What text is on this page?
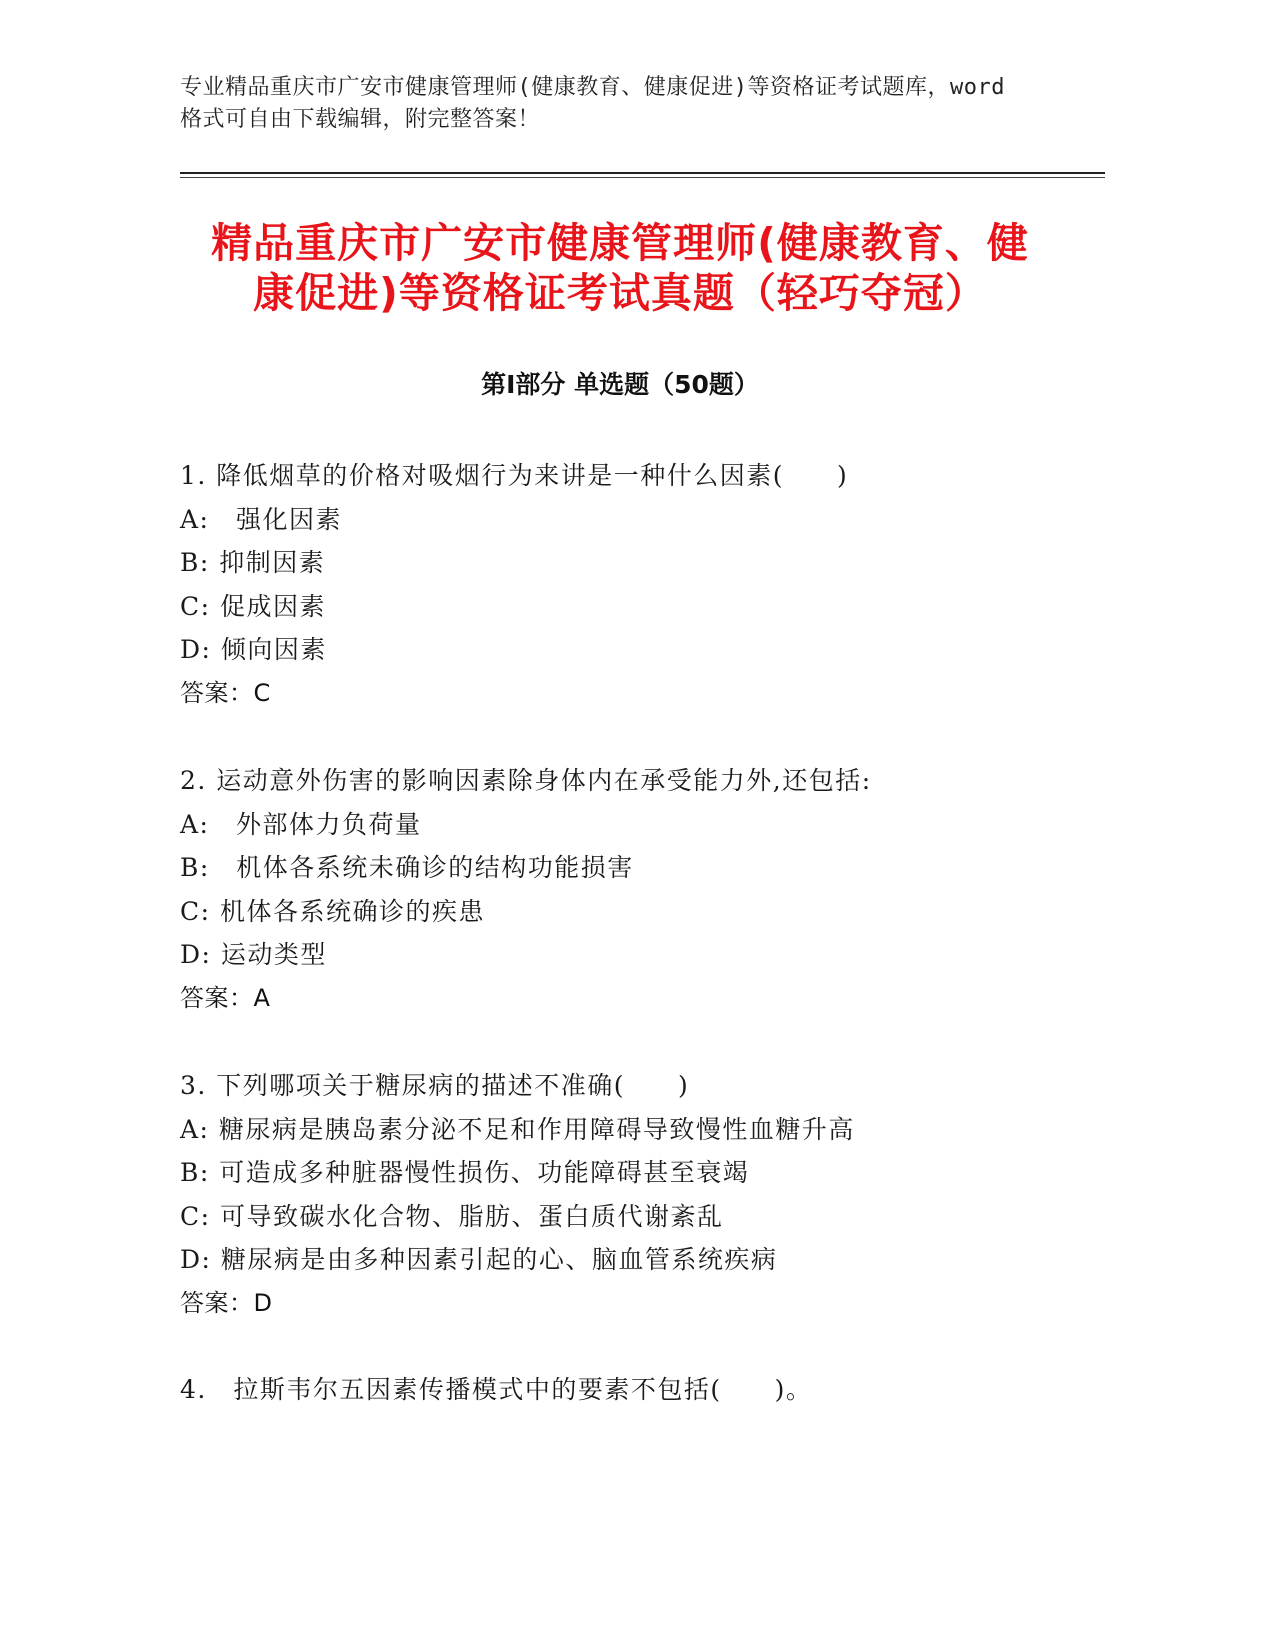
专业精品重庆市广安市健康管理师(健康教育、健康促进)等资格证考试题库，word
格式可自由下载编辑，附完整答案！
精品重庆市广安市健康管理师(健康教育、健
康促进)等资格证考试真题（轻巧夺冠）
第Ⅰ部分 单选题（50题）
1. 降低烟草的价格对吸烟行为来讲是一种什么因素(　　)
A:　强化因素
B: 抑制因素
C: 促成因素
D: 倾向因素
答案：C
2. 运动意外伤害的影响因素除身体内在承受能力外,还包括:
A:　外部体力负荷量
B:　机体各系统未确诊的结构功能损害
C: 机体各系统确诊的疾患
D: 运动类型
答案：A
3. 下列哪项关于糖尿病的描述不准确(　　)
A: 糖尿病是胰岛素分泌不足和作用障碍导致慢性血糖升高
B: 可造成多种脏器慢性损伤、功能障碍甚至衰竭
C: 可导致碳水化合物、脂肪、蛋白质代谢紊乱
D: 糖尿病是由多种因素引起的心、脑血管系统疾病
答案：D
4.　拉斯韦尔五因素传播模式中的要素不包括(　　)。
